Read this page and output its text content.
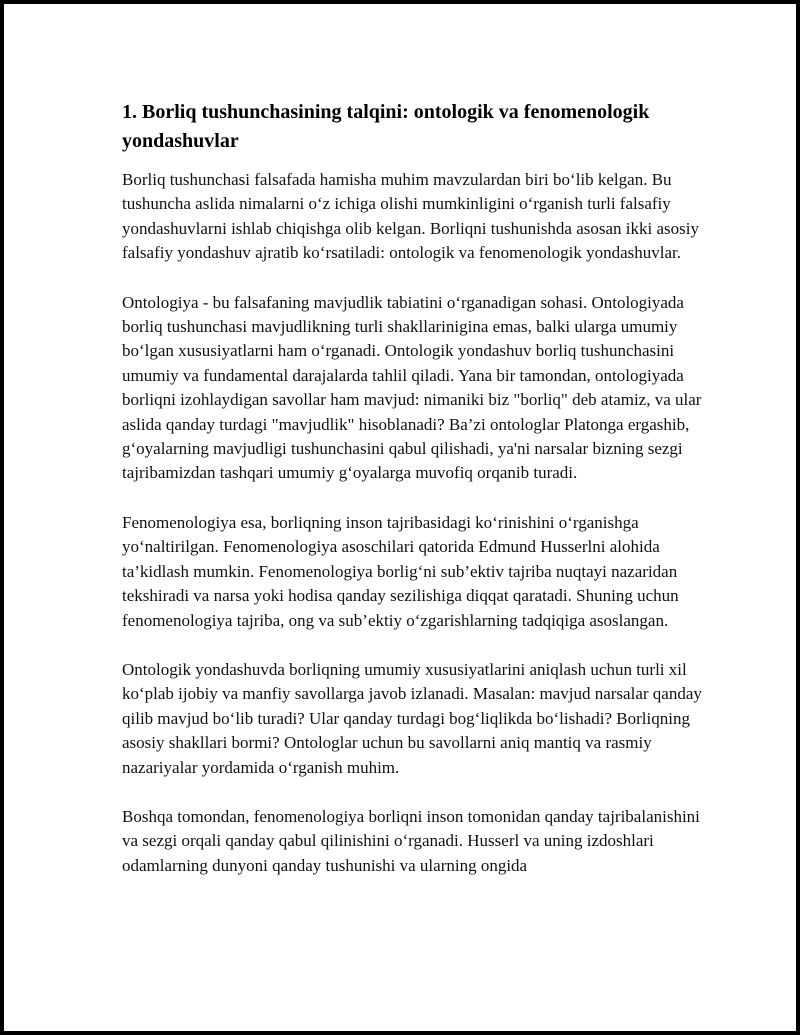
1. Borliq tushunchasining talqini: ontologik va fenomenologik yondashuvlar

Borliq tushunchasi falsafada hamisha muhim mavzulardan biri bo‘lib kelgan. Bu tushuncha aslida nimalarni o‘z ichiga olishi mumkinligini o‘rganish turli falsafiy yondashuvlarni ishlab chiqishga olib kelgan. Borliqni tushunishda asosan ikki asosiy falsafiy yondashuv ajratib ko‘rsatiladi: ontologik va fenomenologik yondashuvlar.

Ontologiya - bu falsafaning mavjudlik tabiatini o‘rganadigan sohasi. Ontologiyada borliq tushunchasi mavjudlikning turli shakllariniginа emas, balki ularga umumiy bo‘lgan xususiyatlarni ham o‘rganadi. Ontologik yondashuv borliq tushunchasini umumiy va fundamental darajalarda tahlil qiladi. Yana bir tamondan, ontologiyada borliqni izohlaydigan savollar ham mavjud: nimaniki biz "borliq" deb atamiz, va ular aslida qanday turdagi "mavjudlik" hisoblanadi? Ba’zi ontologlar Platonga ergashib, g‘oyalarning mavjudligi tushunchasini qabul qilishadi, ya'ni narsalar bizning sezgi tajribamizdan tashqari umumiy g‘oyalarga muvofiq orqanib turadi.

Fenomenologiya esa, borliqning inson tajribasidagi ko‘rinishini o‘rganishga yo‘naltirilgan. Fenomenologiya asoschilari qatorida Edmund Husserlni alohida ta’kidlash mumkin. Fenomenologiya borlig‘ni sub’ektiv tajriba nuqtayi nazaridan tekshiradi va narsa yoki hodisa qanday sezilishiga diqqat qaratadi. Shuning uchun fenomenologiya tajriba, ong va sub’ektiy o‘zgarishlarning tadqiqiga asoslangan.

Ontologik yondashuvda borliqning umumiy xususiyatlarini aniqlash uchun turli xil ko‘plab ijobiy va manfiy savollarga javob izlanadi. Masalan: mavjud narsalar qanday qilib mavjud bo‘lib turadi? Ular qanday turdagi bog‘liqlikda bo‘lishadi? Borliqning asosiy shakllari bormi? Ontologlar uchun bu savollarni aniq mantiq va rasmiy nazariyalar yordamida o‘rganish muhim.

Boshqa tomondan, fenomenologiya borliqni inson tomonidan qanday tajribalanishini va sezgi orqali qanday qabul qilinishini o‘rganadi. Husserl va uning izdoshlari odamlarning dunyoni qanday tushunishi va ularning ongida
